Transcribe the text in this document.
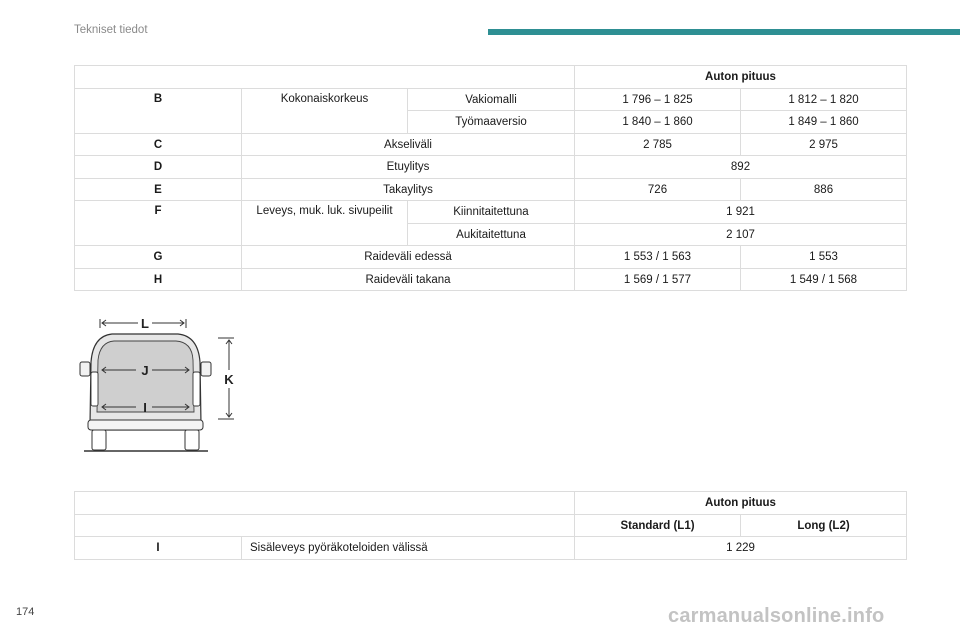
Tekniset tiedot
			Auton pituus	
B	Kokonaiskorkeus	Vakiomalli	1 796 – 1 825	1 812 – 1 820
		Työmaaversio	1 840 – 1 860	1 849 – 1 860
C	Akseliväli		2 785	2 975
D	Etuylitys		892	
E	Takaylitys		726	886
F	Leveys, muk. luk. sivupeilit	Kiinnitaitettuna	1 921	
		Aukitaitettuna	2 107	
G	Raideväli edessä		1 553 / 1 563	1 553
H	Raideväli takana		1 569 / 1 577	1 549 / 1 568
L
J
I
K
		Auton pituus	
		Standard (L1)	Long (L2)
I	Sisäleveys pyöräkoteloiden välissä	1 229	
174	carmanualsonline.info
